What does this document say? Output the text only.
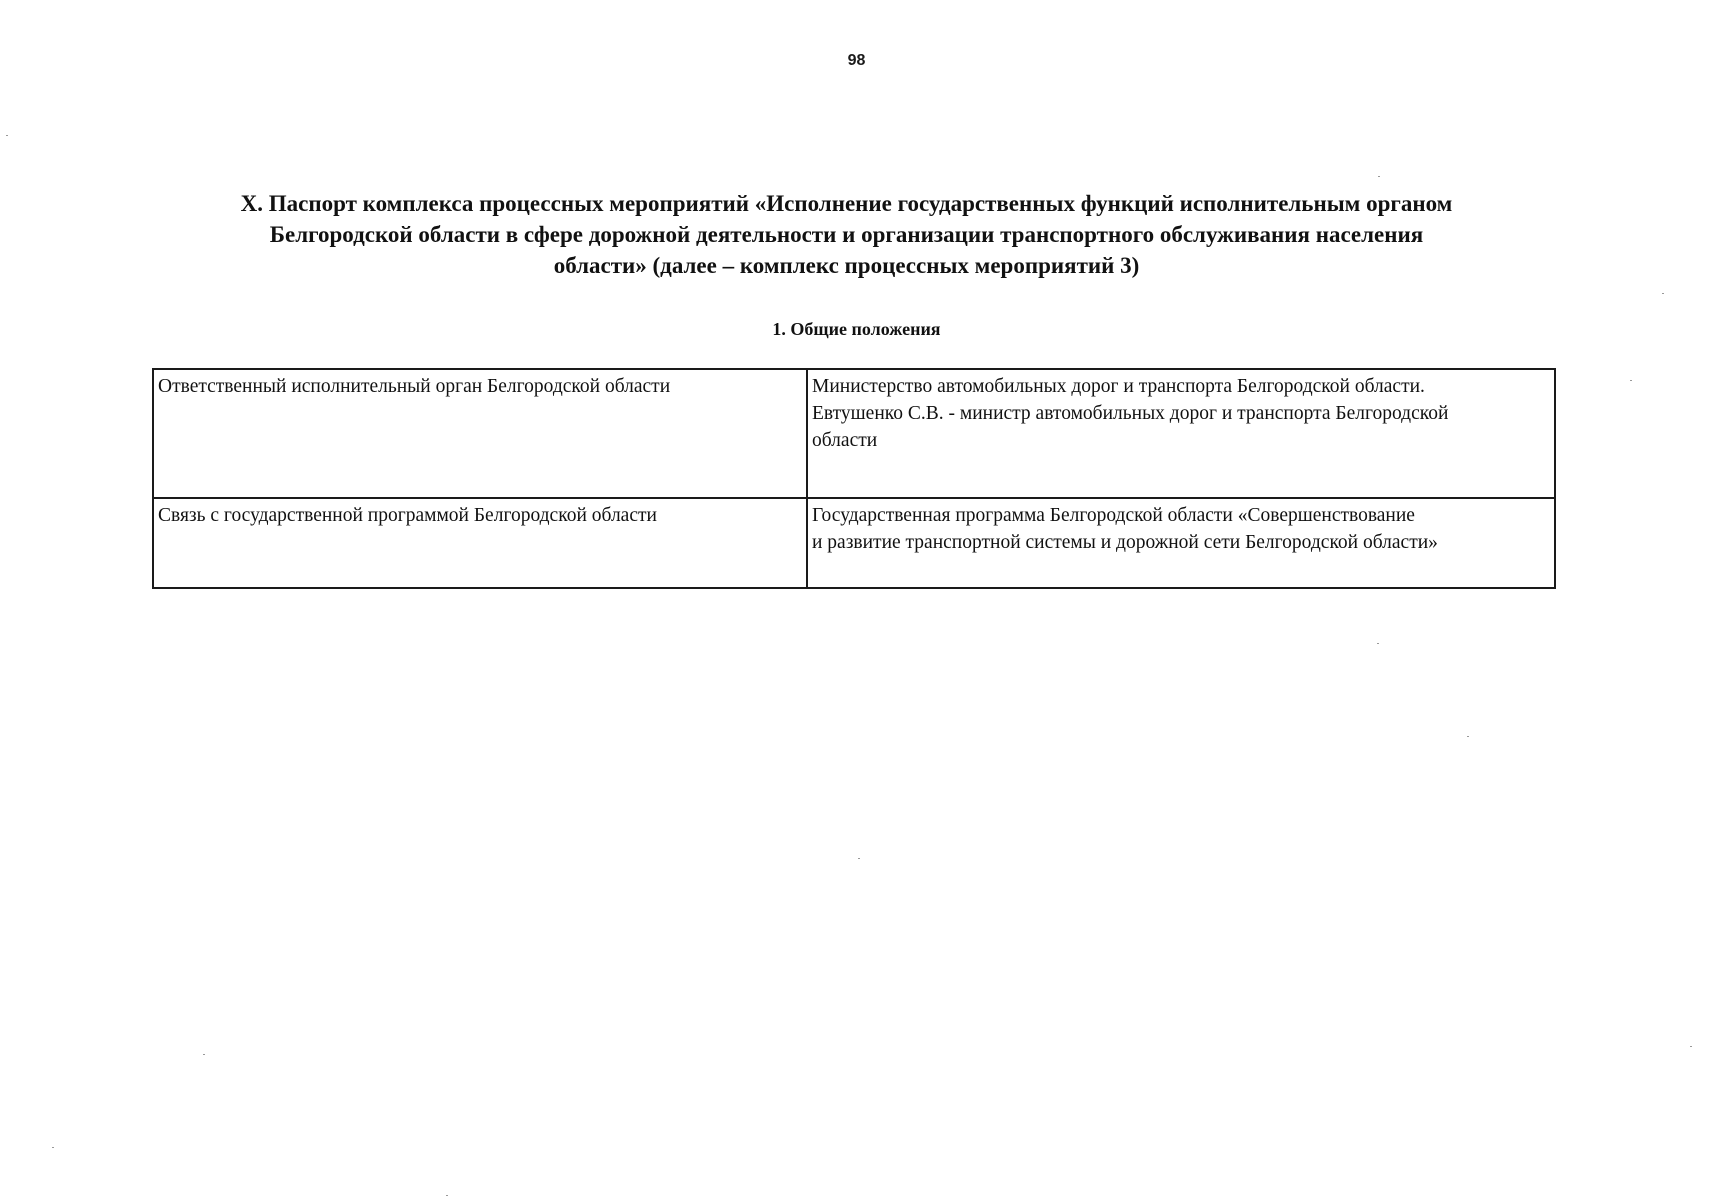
98
X. Паспорт комплекса процессных мероприятий «Исполнение государственных функций исполнительным органом
Белгородской области в сфере дорожной деятельности и организации транспортного обслуживания населения
области» (далее – комплекс процессных мероприятий 3)
1. Общие положения
Ответственный исполнительный орган Белгородской области	Министерство автомобильных дорог и транспорта Белгородской области.
Евтушенко С.В. - министр автомобильных дорог и транспорта Белгородской
области

Связь с государственной программой Белгородской области	Государственная программа Белгородской области «Совершенствование
и развитие транспортной системы и дорожной сети Белгородской области»
